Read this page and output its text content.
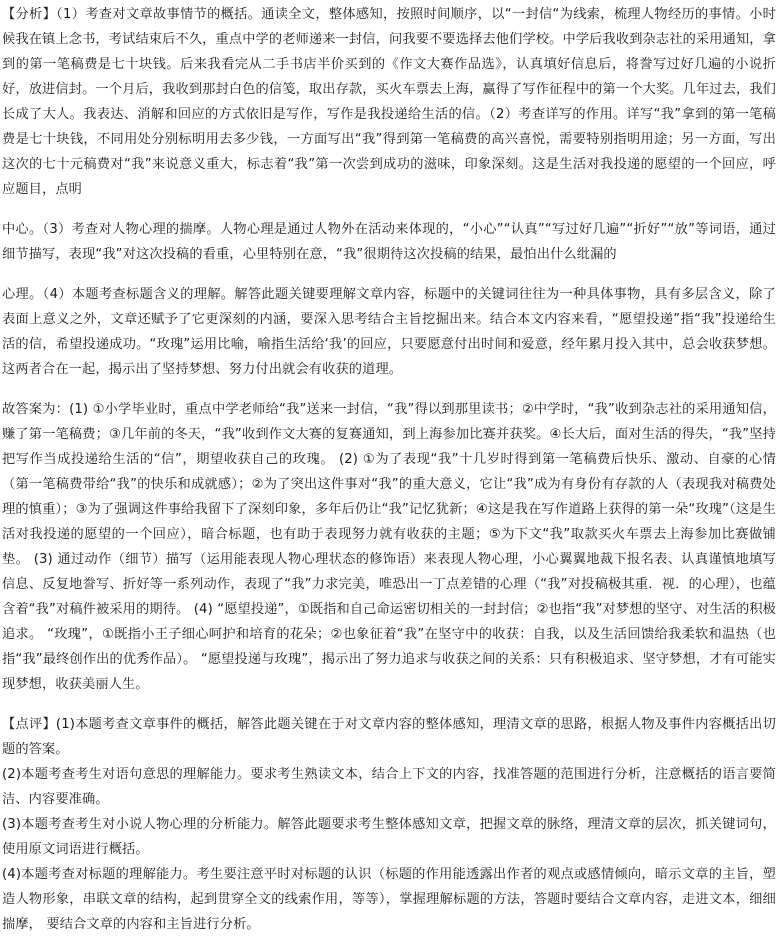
【分析】（1）考查对文章故事情节的概括。通读全文，整体感知，按照时间顺序，以“一封信“为线索，梳理人物经历的事情。小时候我在镇上念书，考试结束后不久，重点中学的老师递来一封信，问我要不要选择去他们学校。中学后我收到杂志社的采用通知，拿到的第一笔稿费是七十块钱。后来我看完从二手书店半价买到的《作文大赛作品选》，认真填好信息后，将誊写过好几遍的小说折好，放进信封。一个月后，我收到那封白色的信笺，取出存款，买火车票去上海，赢得了写作征程中的第一个大奖。几年过去，我们长成了大人。我表达、消解和回应的方式依旧是写作，写作是我投递给生活的信。（2）考查详写的作用。详写“我”拿到的第一笔稿费是七十块钱，不同用处分别标明用去多少钱，一方面写出“我”得到第一笔稿费的高兴喜悦，需要特别指明用途；另一方面，写出这次的七十元稿费对“我”来说意义重大，标志着“我”第一次尝到成功的滋味，印象深刻。这是生活对我投递的愿望的一个回应，呼应题目，点明

中心。（3）考查对人物心理的揣摩。人物心理是通过人物外在活动来体现的，“小心”“认真”“写过好几遍”“折好”“放”等词语，通过细节描写，表现“我”对这次投稿的看重，心里特别在意，“我”很期待这次投稿的结果，最怕出什么纰漏的

心理。（4）本题考查标题含义的理解。解答此题关键要理解文章内容，标题中的关键词往往为一种具体事物，具有多层含义，除了表面上意义之外，文章还赋予了它更深刻的内涵，要深入思考结合主旨挖掘出来。结合本文内容来看，“愿望投递”指“我”投递给生活的信，希望投递成功。“玫瑰”运用比喻，喻指生活给‘我’的回应，只要愿意付出时间和爱意，经年累月投入其中，总会收获梦想。这两者合在一起，揭示出了坚持梦想、努力付出就会有收获的道理。

故答案为：(1) ①小学毕业时，重点中学老师给“我”送来一封信，“我”得以到那里读书；②中学时，“我”收到杂志社的采用通知信，赚了第一笔稿费；③几年前的冬天，“我”收到作文大赛的复赛通知，到上海参加比赛并获奖。④长大后，面对生活的得失，“我”坚持把写作当成投递给生活的“信”，期望收获自己的玫瑰。 (2) ①为了表现“我”十几岁时得到第一笔稿费后快乐、激动、自豪的心情（第一笔稿费带给“我”的快乐和成就感）；②为了突出这件事对“我”的重大意义，它让“我”成为有身份有存款的人（表现我对稿费处理的慎重）；③为了强调这件事给我留下了深刻印象，多年后仍让“我”记忆犹新；④这是我在写作道路上获得的第一朵“玫瑰”（这是生活对我投递的愿望的一个回应），暗合标题，也有助于表现努力就有收获的主题；⑤为下文“我”取款买火车票去上海参加比赛做铺垫。 (3) 通过动作（细节）描写（运用能表现人物心理状态的修饰语）来表现人物心理，小心翼翼地裁下报名表、认真谨慎地填写信息、反复地誊写、折好等一系列动作，表现了“我”力求完美，唯恐出一丁点差错的心理（“我”对投稿极其重．视．的心理），也蕴含着“我”对稿件被采用的期待。 (4) “愿望投递”，①既指和自己命运密切相关的一封封信；②也指“我”对梦想的坚守、对生活的积极追求。 “玫瑰”，①既指小王子细心呵护和培育的花朵；②也象征着“我”在坚守中的收获：自我，以及生活回馈给我柔软和温热（也指“我”最终创作出的优秀作品）。 “愿望投递与玫瑰”，揭示出了努力追求与收获之间的关系：只有积极追求、坚守梦想，才有可能实现梦想，收获美丽人生。

【点评】(1)本题考查文章事件的概括，解答此题关键在于对文章内容的整体感知，理清文章的思路，根据人物及事件内容概括出切题的答案。

(2)本题考查考生对语句意思的理解能力。要求考生熟读文本，结合上下文的内容，找准答题的范围进行分析，注意概括的语言要简洁、内容要准确。

(3)本题考查考生对小说人物心理的分析能力。解答此题要求考生整体感知文章，把握文章的脉络，理清文章的层次，抓关键词句，使用原文词语进行概括。

(4)本题考查对标题的理解能力。考生要注意平时对标题的认识（标题的作用能透露出作者的观点或感情倾向，暗示文章的主旨，塑造人物形象，串联文章的结构，起到贯穿全文的线索作用，等等），掌握理解标题的方法，答题时要结合文章内容，走进文本，细细揣摩， 要结合文章的内容和主旨进行分析。
